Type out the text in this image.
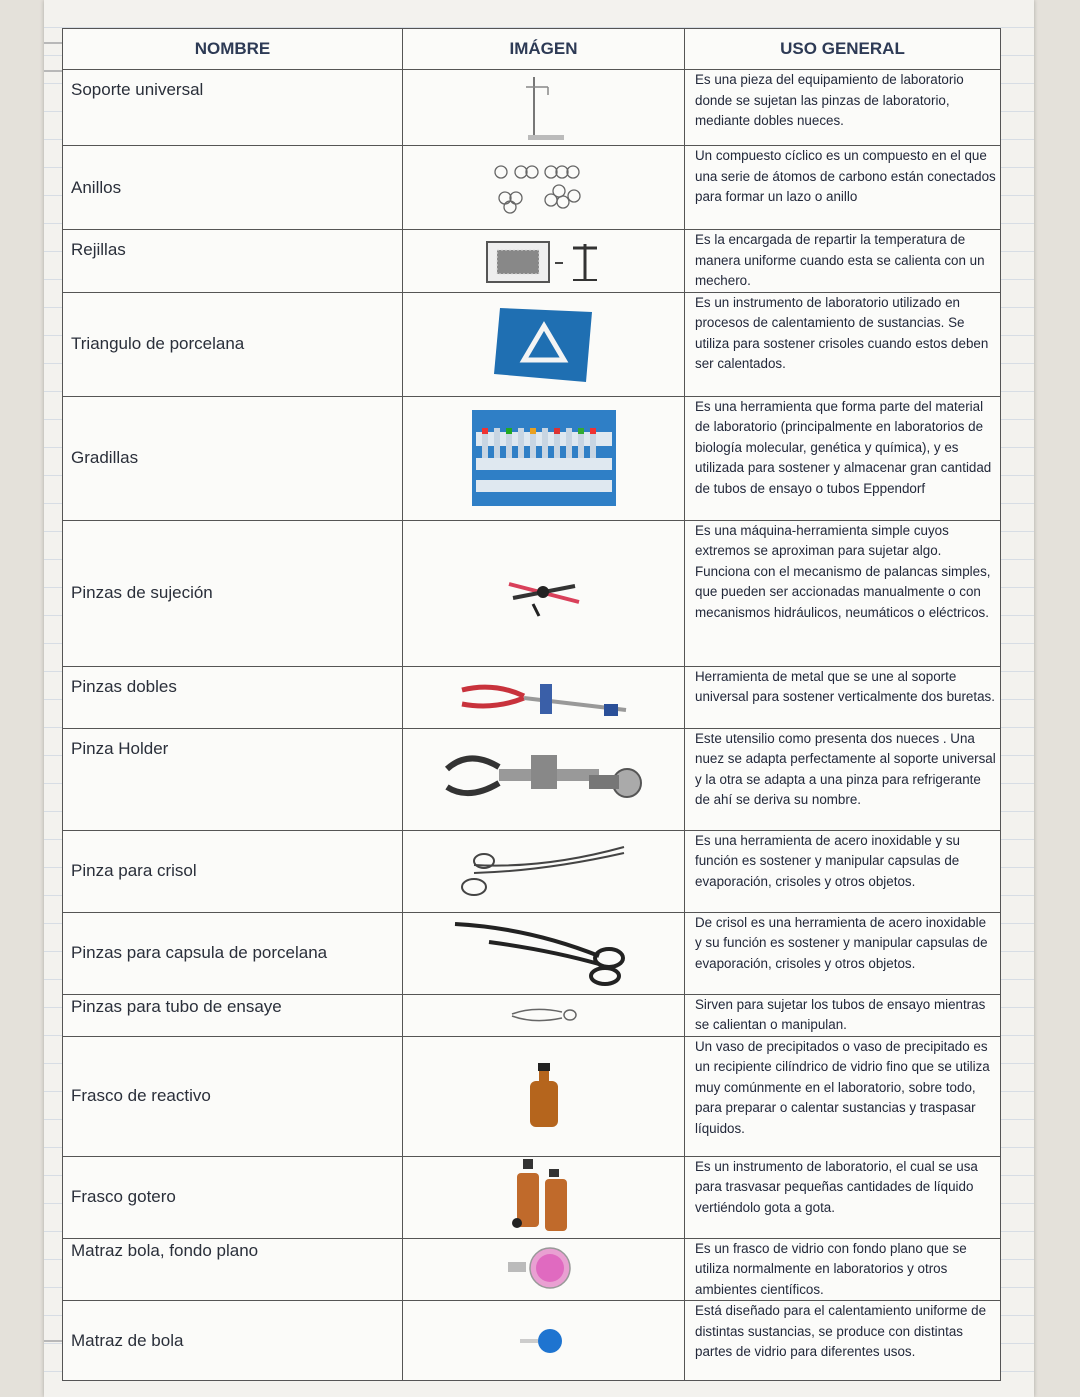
NOMBRE	IMÁGEN	USO GENERAL
Soporte universal		Es una pieza del equipamiento de laboratorio donde se sujetan las pinzas de laboratorio, mediante dobles nueces.
Anillos		Un compuesto cíclico es un compuesto en el que una serie de átomos de carbono están conectados para formar un lazo o anillo
Rejillas		Es la encargada de repartir la temperatura de manera uniforme cuando esta se calienta con un mechero.
Triangulo de porcelana		Es un instrumento de laboratorio utilizado en procesos de calentamiento de sustancias. Se utiliza para sostener crisoles cuando estos deben ser calentados.
Gradillas		Es una herramienta que forma parte del material de laboratorio (principalmente en laboratorios de biología molecular, genética y química), y es utilizada para sostener y almacenar gran cantidad de tubos de ensayo o tubos Eppendorf
Pinzas de sujeción		Es una máquina-herramienta simple cuyos extremos se aproximan para sujetar algo. Funciona con el mecanismo de palancas simples, que pueden ser accionadas manualmente o con mecanismos hidráulicos, neumáticos o eléctricos.
Pinzas dobles		Herramienta de metal que se une al soporte universal para sostener verticalmente dos buretas.
Pinza Holder		Este utensilio como presenta dos nueces . Una nuez se adapta perfectamente al soporte universal y la otra se adapta a una pinza para refrigerante de ahí se deriva su nombre.
Pinza para crisol		Es una herramienta de acero inoxidable y su función es sostener y manipular capsulas de evaporación, crisoles y otros objetos.
Pinzas para capsula de porcelana		De crisol es una herramienta de acero inoxidable y su función es sostener y manipular capsulas de evaporación, crisoles y otros objetos.
Pinzas para tubo de ensaye		Sirven para sujetar los tubos de ensayo mientras se calientan o manipulan.
Frasco de reactivo		Un vaso de precipitados o vaso de precipitado es un recipiente cilíndrico de vidrio fino que se utiliza muy comúnmente en el laboratorio, sobre todo, para preparar o calentar sustancias y traspasar líquidos.
Frasco gotero		Es un instrumento de laboratorio, el cual se usa para trasvasar pequeñas cantidades de líquido vertiéndolo gota a gota.
Matraz bola, fondo plano		Es un frasco de vidrio con fondo plano que se utiliza normalmente en laboratorios y otros ambientes científicos.
Matraz de bola		Está diseñado para el calentamiento uniforme de distintas sustancias, se produce con distintas partes de vidrio para diferentes usos.
